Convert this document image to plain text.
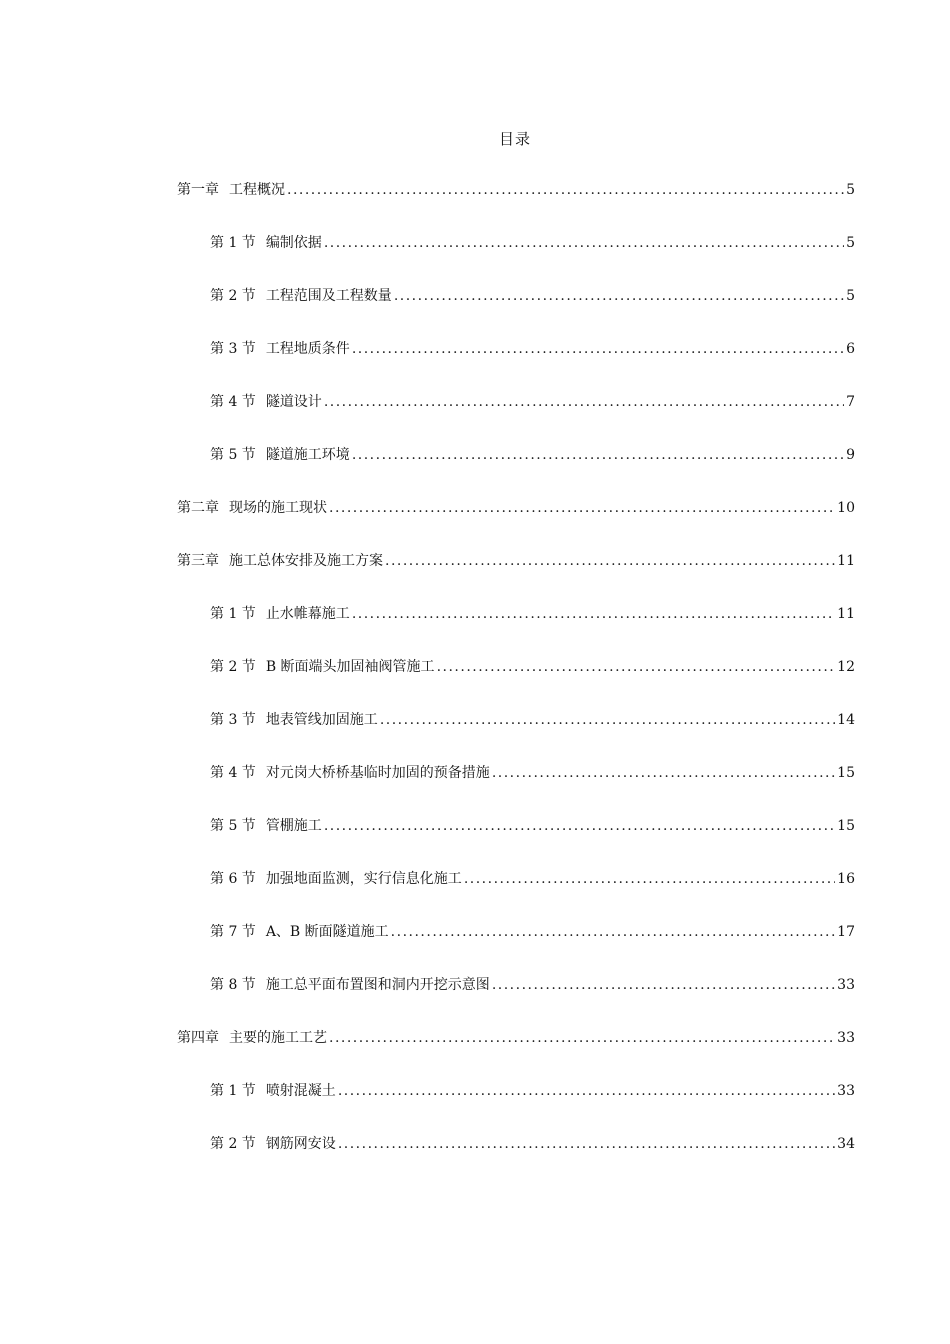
目录
第一章 工程概况 .....	5
第 1 节 编制依据 .....	5
第 2 节 工程范围及工程数量 .....	5
第 3 节 工程地质条件 .....	6
第 4 节 隧道设计 .....	7
第 5 节 隧道施工环境 .....	9
第二章 现场的施工现状 .....	10
第三章 施工总体安排及施工方案 .....	11
第 1 节 止水帷幕施工 .....	11
第 2 节 B 断面端头加固袖阀管施工 .....	12
第 3 节 地表管线加固施工 .....	14
第 4 节 对元岗大桥桥基临时加固的预备措施 .....	15
第 5 节 管棚施工 .....	15
第 6 节 加强地面监测，实行信息化施工 .....	16
第 7 节 A、B 断面隧道施工 .....	17
第 8 节 施工总平面布置图和洞内开挖示意图 .....	33
第四章 主要的施工工艺 .....	33
第 1 节 喷射混凝土 .....	33
第 2 节 钢筋网安设 .....	34
